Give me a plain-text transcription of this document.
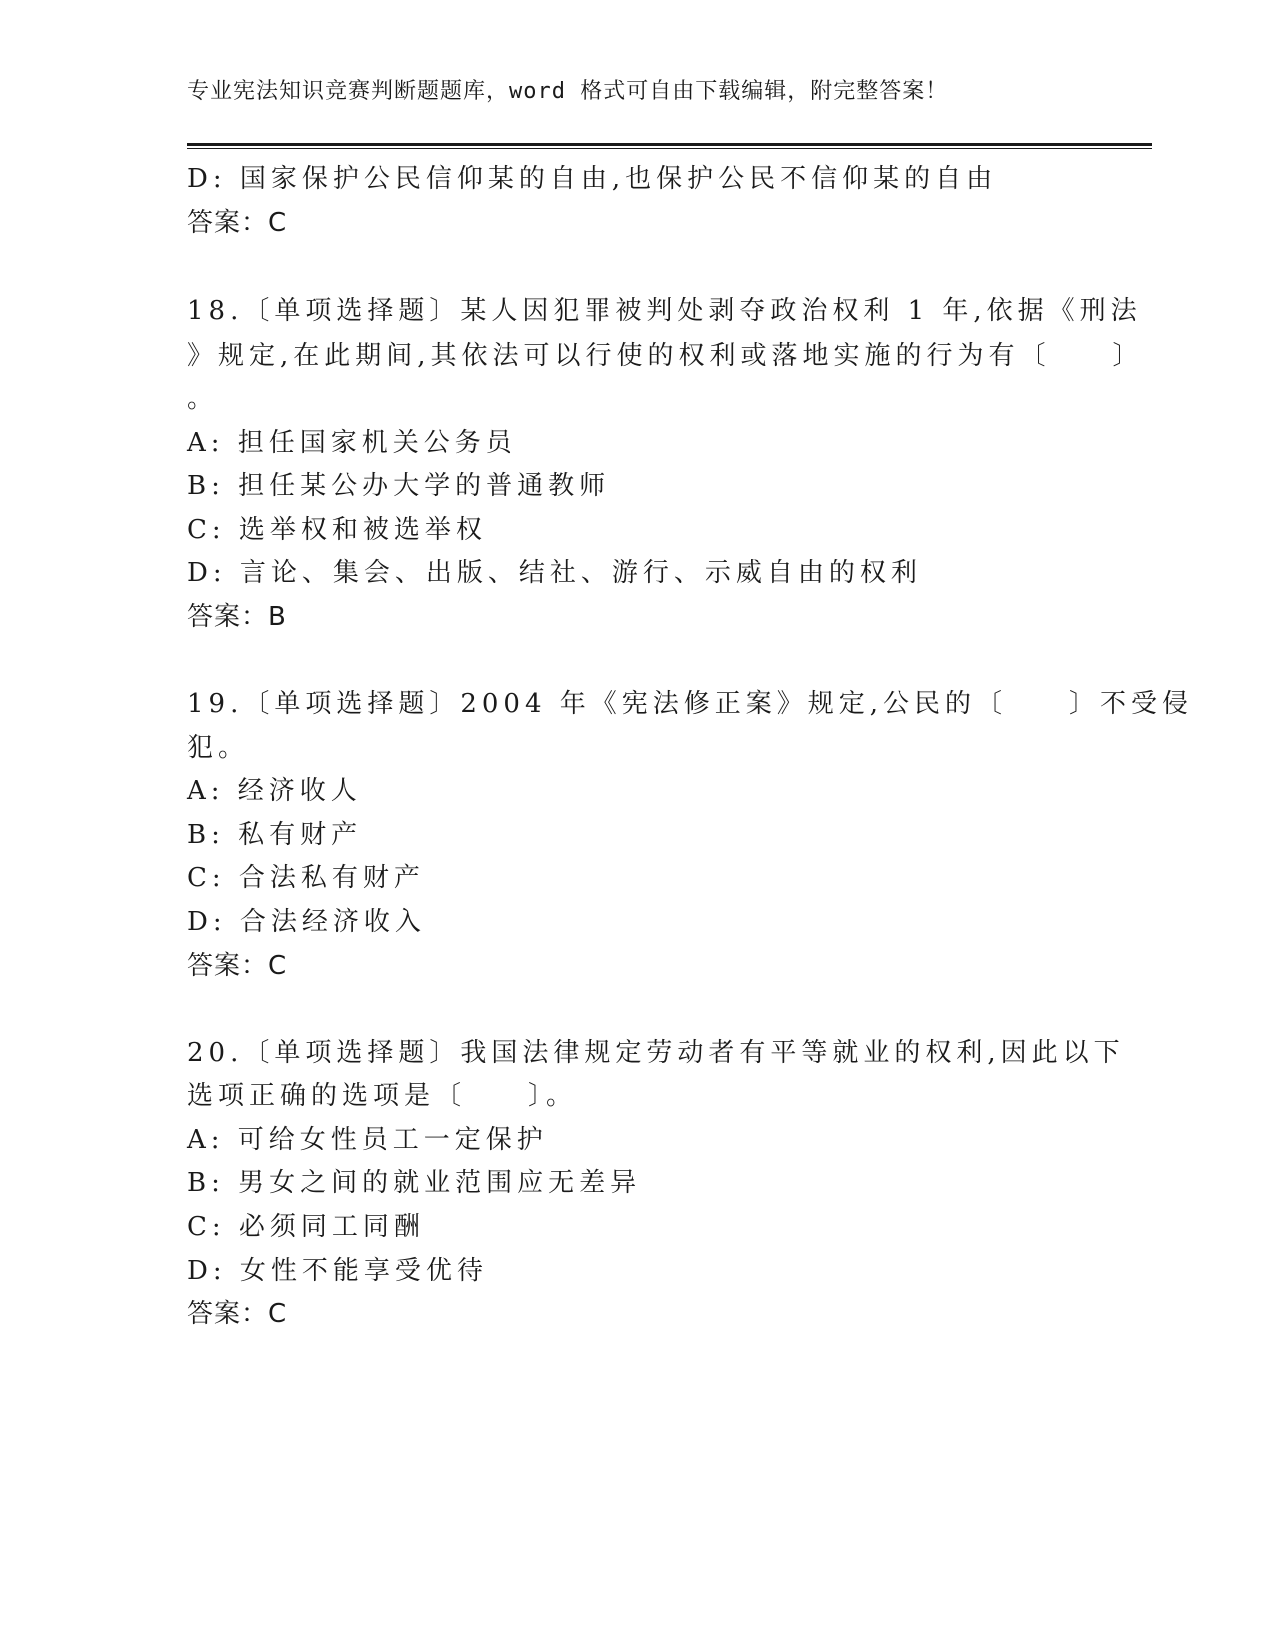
专业宪法知识竞赛判断题题库，word 格式可自由下载编辑，附完整答案！
D: 国家保护公民信仰某的自由,也保护公民不信仰某的自由
答案：C
18.〔单项选择题〕某人因犯罪被判处剥夺政治权利 1 年,依据《刑法
》规定,在此期间,其依法可以行使的权利或落地实施的行为有〔　　〕
。
A: 担任国家机关公务员
B: 担任某公办大学的普通教师
C: 选举权和被选举权
D: 言论、集会、出版、结社、游行、示威自由的权利
答案：B
19.〔单项选择题〕2004 年《宪法修正案》规定,公民的〔　　〕不受侵
犯。
A: 经济收人
B: 私有财产
C: 合法私有财产
D: 合法经济收入
答案：C
20.〔单项选择题〕我国法律规定劳动者有平等就业的权利,因此以下
选项正确的选项是〔　　〕。
A: 可给女性员工一定保护
B: 男女之间的就业范围应无差异
C: 必须同工同酬
D: 女性不能享受优待
答案：C
